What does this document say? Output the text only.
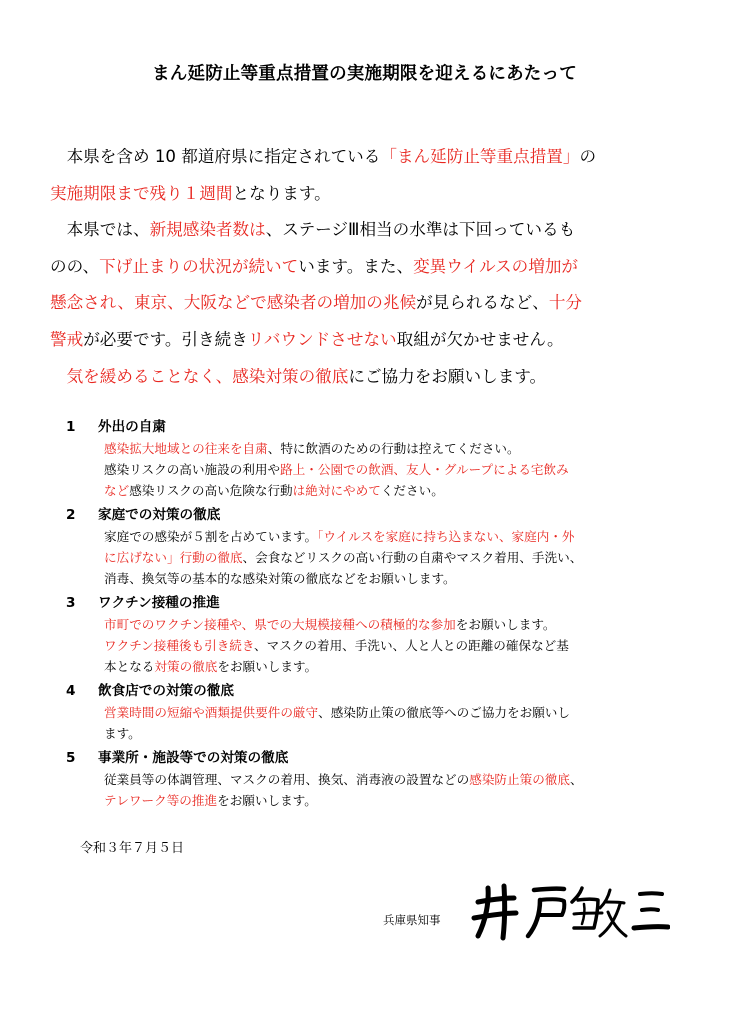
まん延防止等重点措置の実施期限を迎えるにあたって
　本県を含め 10 都道府県に指定されている「まん延防止等重点措置」の
実施期限まで残り１週間となります。
　本県では、新規感染者数は、ステージⅢ相当の水準は下回っているも
のの、下げ止まりの状況が続いています。また、変異ウイルスの増加が
懸念され、東京、大阪などで感染者の増加の兆候が見られるなど、十分
警戒が必要です。引き続きリバウンドさせない取組が欠かせません。
　気を緩めることなく、感染対策の徹底にご協力をお願いします。
1 外出の自粛
感染拡大地域との往来を自粛、特に飲酒のための行動は控えてください。
感染リスクの高い施設の利用や路上・公園での飲酒、友人・グループによる宅飲み
など感染リスクの高い危険な行動は絶対にやめてください。
2 家庭での対策の徹底
家庭での感染が５割を占めています。「ウイルスを家庭に持ち込まない、家庭内・外
に広げない」行動の徹底、会食などリスクの高い行動の自粛やマスク着用、手洗い、
消毒、換気等の基本的な感染対策の徹底などをお願いします。
3 ワクチン接種の推進
市町でのワクチン接種や、県での大規模接種への積極的な参加をお願いします。
ワクチン接種後も引き続き、マスクの着用、手洗い、人と人との距離の確保など基
本となる対策の徹底をお願いします。
4 飲食店での対策の徹底
営業時間の短縮や酒類提供要件の厳守、感染防止策の徹底等へのご協力をお願いし
ます。
5 事業所・施設等での対策の徹底
従業員等の体調管理、マスクの着用、換気、消毒液の設置などの感染防止策の徹底、
テレワーク等の推進をお願いします。
令和３年７月５日
兵庫県知事
